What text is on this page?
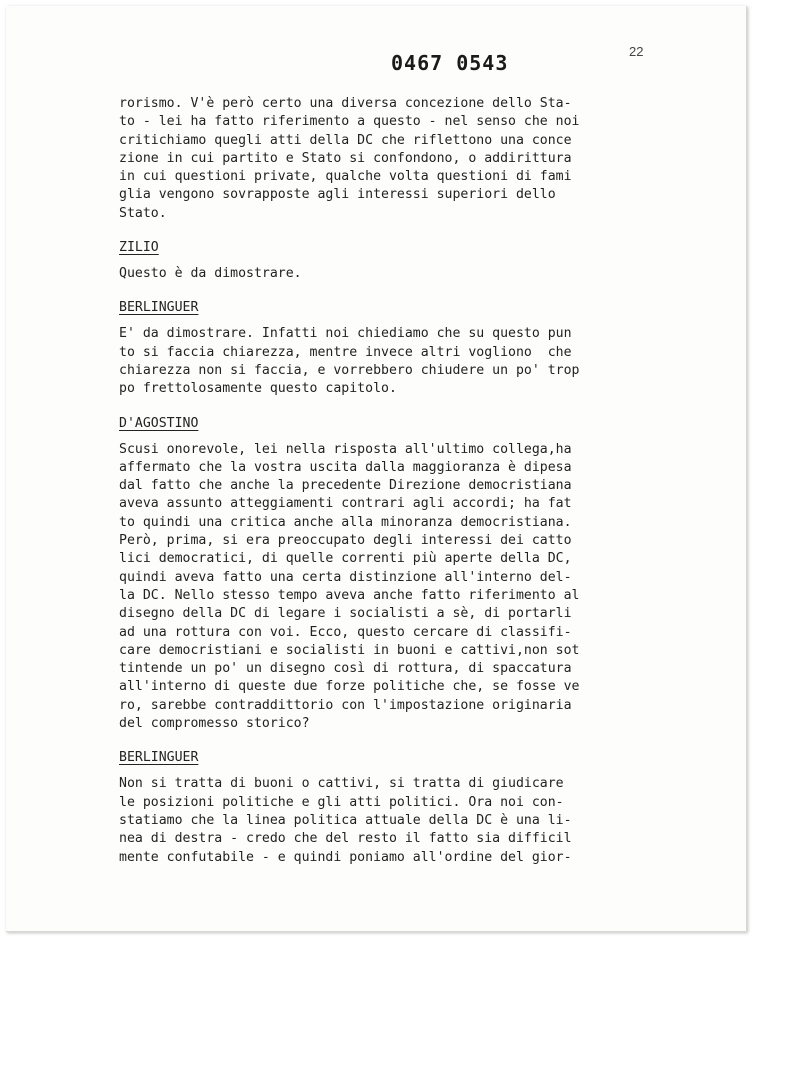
0467 0543	22

rorismo. V'è però certo una diversa concezione dello Sta-
to - lei ha fatto riferimento a questo - nel senso che noi
critichiamo quegli atti della DC che riflettono una conce
zione in cui partito e Stato si confondono, o addirittura
in cui questioni private, qualche volta questioni di fami
glia vengono sovrapposte agli interessi superiori dello
Stato.

ZILIO

Questo è da dimostrare.

BERLINGUER

E' da dimostrare. Infatti noi chiediamo che su questo pun
to si faccia chiarezza, mentre invece altri vogliono  che
chiarezza non si faccia, e vorrebbero chiudere un po' trop
po frettolosamente questo capitolo.

D'AGOSTINO

Scusi onorevole, lei nella risposta all'ultimo collega,ha
affermato che la vostra uscita dalla maggioranza è dipesa
dal fatto che anche la precedente Direzione democristiana
aveva assunto atteggiamenti contrari agli accordi; ha fat
to quindi una critica anche alla minoranza democristiana.
Però, prima, si era preoccupato degli interessi dei catto
lici democratici, di quelle correnti più aperte della DC,
quindi aveva fatto una certa distinzione all'interno del-
la DC. Nello stesso tempo aveva anche fatto riferimento al
disegno della DC di legare i socialisti a sè, di portarli
ad una rottura con voi. Ecco, questo cercare di classifi-
care democristiani e socialisti in buoni e cattivi,non sot
tintende un po' un disegno così di rottura, di spaccatura
all'interno di queste due forze politiche che, se fosse ve
ro, sarebbe contraddittorio con l'impostazione originaria
del compromesso storico?

BERLINGUER

Non si tratta di buoni o cattivi, si tratta di giudicare
le posizioni politiche e gli atti politici. Ora noi con-
statiamo che la linea politica attuale della DC è una li-
nea di destra - credo che del resto il fatto sia difficil
mente confutabile - e quindi poniamo all'ordine del gior-
